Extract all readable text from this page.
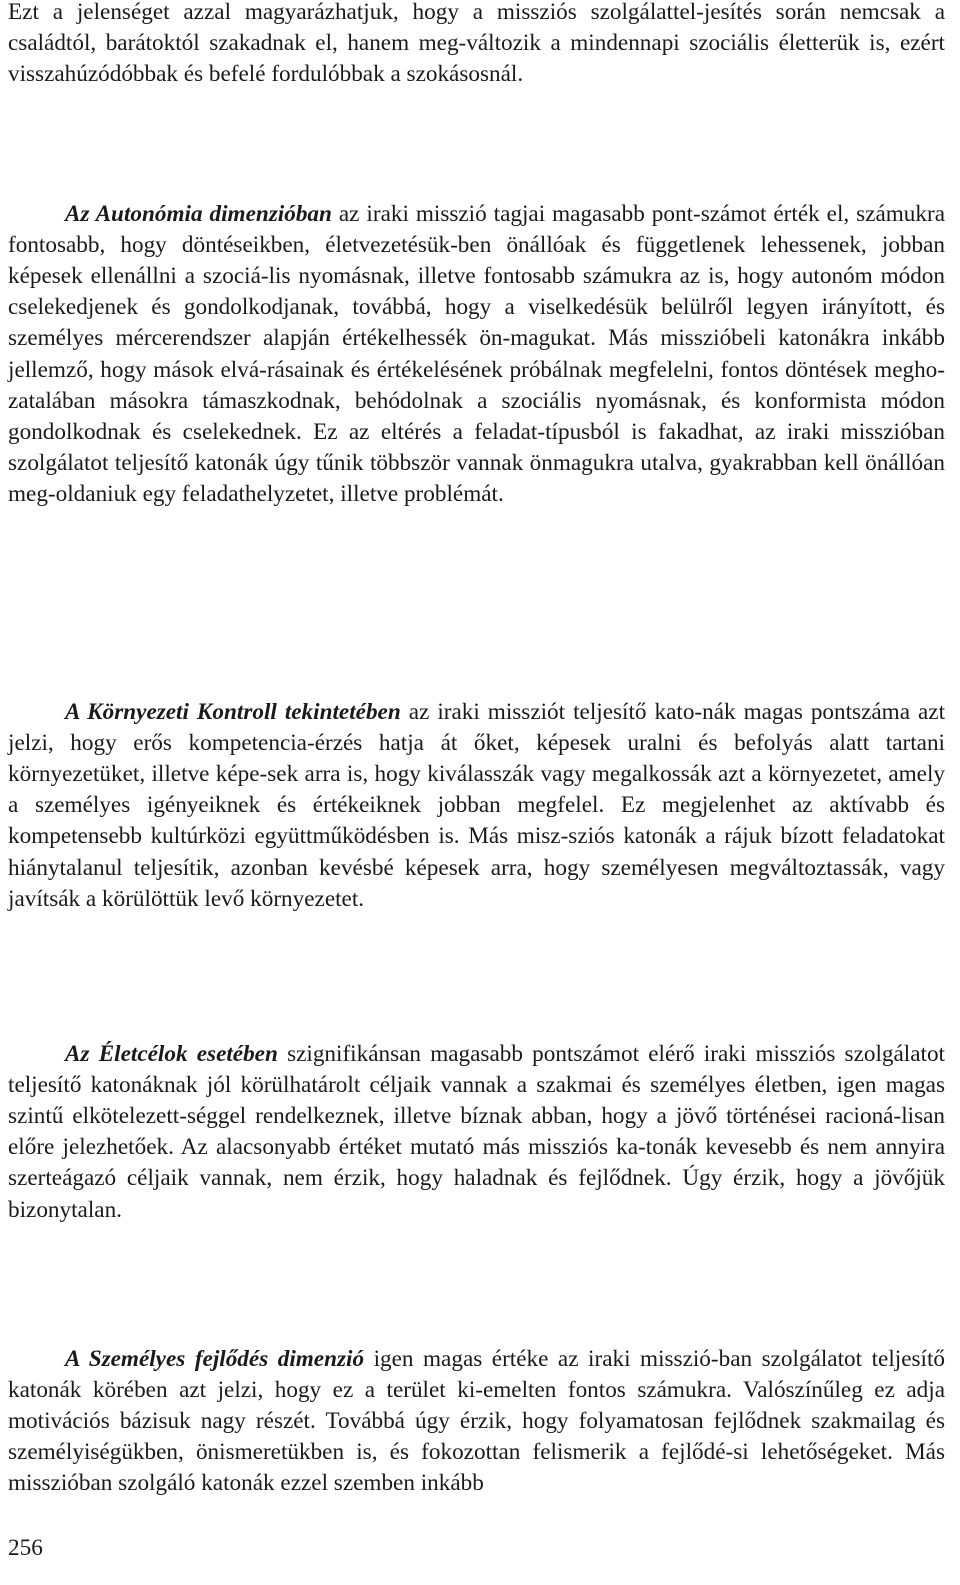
Ezt a jelenséget azzal magyarázhatjuk, hogy a missziós szolgálattel-jesítés során nemcsak a családtól, barátoktól szakadnak el, hanem meg-változik a mindennapi szociális életterük is, ezért visszahúzódóbbak és befelé fordulóbbak a szokásosnál.

Az Autonómia dimenzióban az iraki misszió tagjai magasabb pont-számot érték el, számukra fontosabb, hogy döntéseikben, életvezetésük-ben önállóak és függetlenek lehessenek, jobban képesek ellenállni a szociá-lis nyomásnak, illetve fontosabb számukra az is, hogy autonóm módon cselekedjenek és gondolkodjanak, továbbá, hogy a viselkedésük belülről legyen irányított, és személyes mércerendszer alapján értékelhessék ön-magukat. Más misszióbeli katonákra inkább jellemző, hogy mások elvá-rásainak és értékelésének próbálnak megfelelni, fontos döntések megho-zatalában másokra támaszkodnak, behódolnak a szociális nyomásnak, és konformista módon gondolkodnak és cselekednek. Ez az eltérés a feladat-típusból is fakadhat, az iraki misszióban szolgálatot teljesítő katonák úgy tűnik többször vannak önmagukra utalva, gyakrabban kell önállóan meg-oldaniuk egy feladathelyzetet, illetve problémát.

A Környezeti Kontroll tekintetében az iraki missziót teljesítő kato-nák magas pontszáma azt jelzi, hogy erős kompetencia-érzés hatja át őket, képesek uralni és befolyás alatt tartani környezetüket, illetve képe-sek arra is, hogy kiválasszák vagy megalkossák azt a környezetet, amely a személyes igényeiknek és értékeiknek jobban megfelel. Ez megjelenhet az aktívabb és kompetensebb kultúrközi együttműködésben is. Más misz-sziós katonák a rájuk bízott feladatokat hiánytalanul teljesítik, azonban kevésbé képesek arra, hogy személyesen megváltoztassák, vagy javítsák a körülöttük levő környezetet.

Az Életcélok esetében szignifikánsan magasabb pontszámot elérő iraki missziós szolgálatot teljesítő katonáknak jól körülhatárolt céljaik vannak a szakmai és személyes életben, igen magas szintű elkötelezett-séggel rendelkeznek, illetve bíznak abban, hogy a jövő történései racioná-lisan előre jelezhetőek. Az alacsonyabb értéket mutató más missziós ka-tonák kevesebb és nem annyira szerteágazó céljaik vannak, nem érzik, hogy haladnak és fejlődnek. Úgy érzik, hogy a jövőjük bizonytalan.

A Személyes fejlődés dimenzió igen magas értéke az iraki misszió-ban szolgálatot teljesítő katonák körében azt jelzi, hogy ez a terület ki-emelten fontos számukra. Valószínűleg ez adja motivációs bázisuk nagy részét. Továbbá úgy érzik, hogy folyamatosan fejlődnek szakmailag és személyiségükben, önismeretükben is, és fokozottan felismerik a fejlődé-si lehetőségeket. Más misszióban szolgáló katonák ezzel szemben inkább

256
